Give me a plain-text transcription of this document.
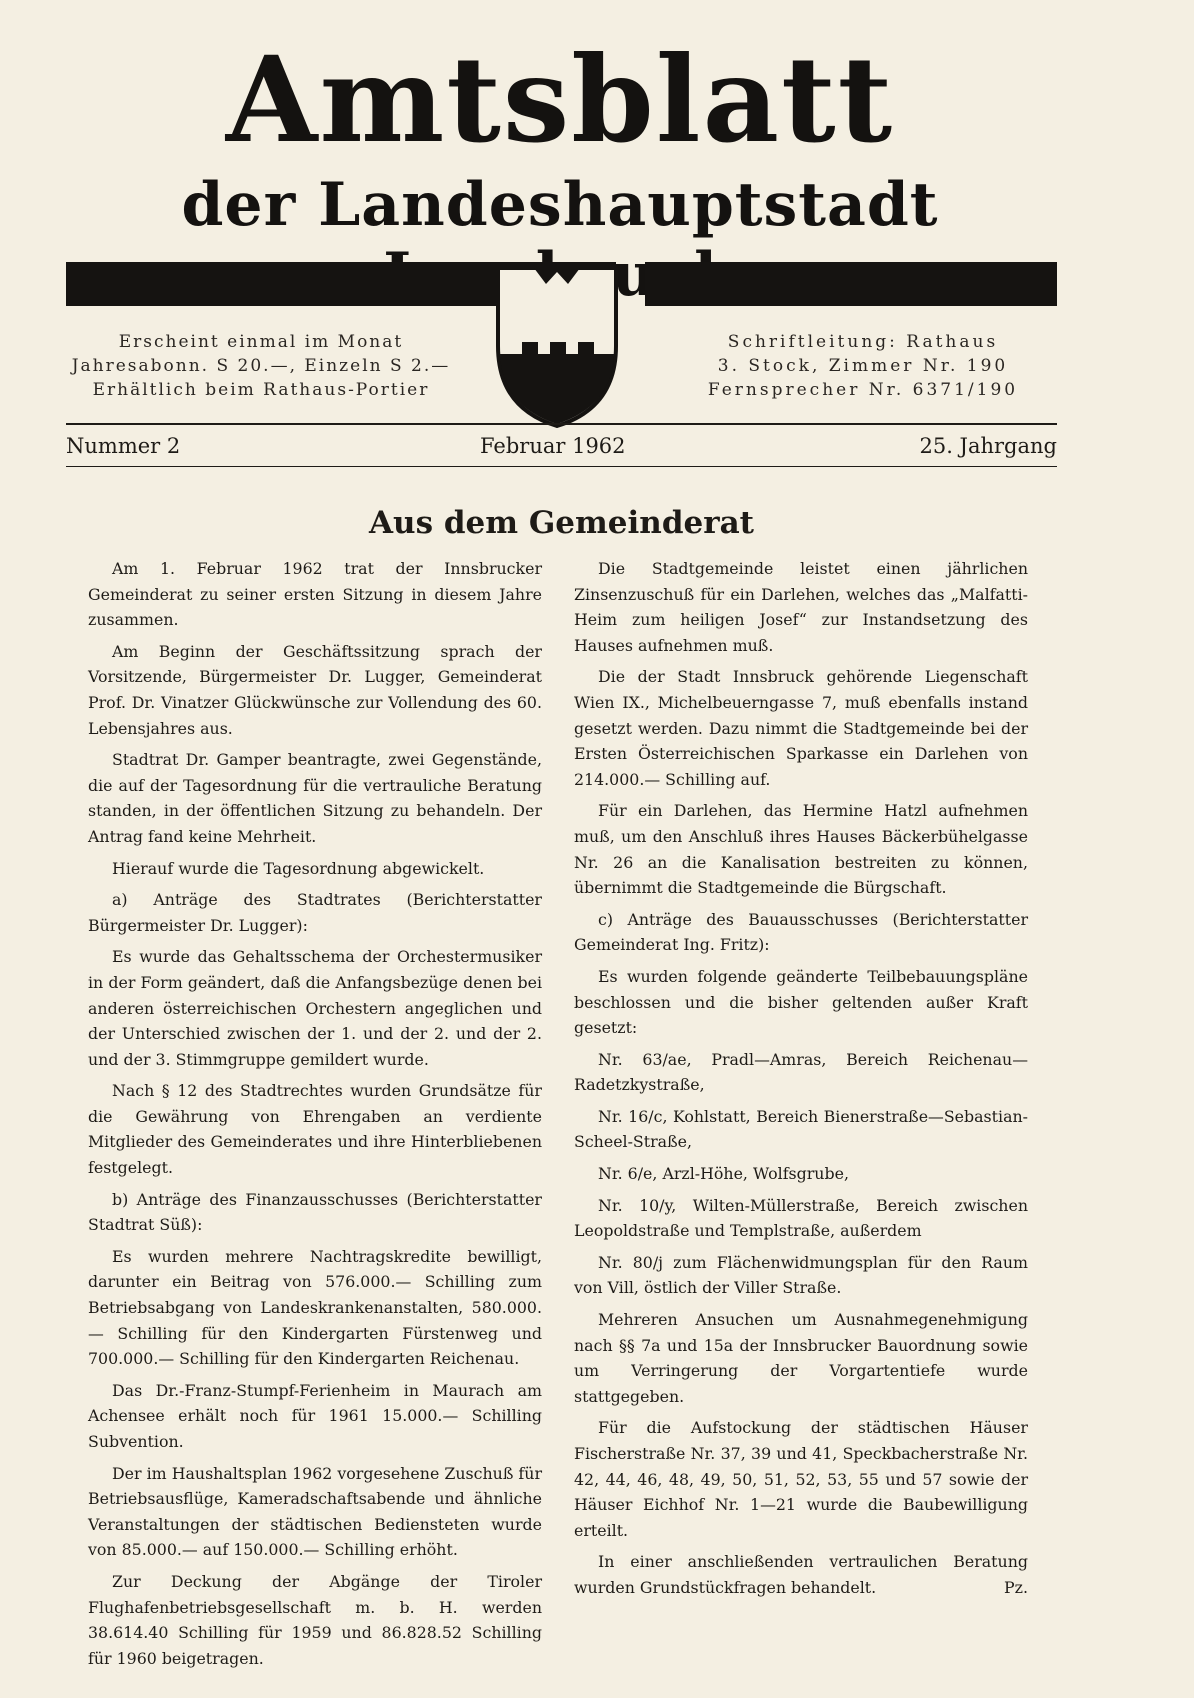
Amtsblatt
der Landeshauptstadt
Erscheint einmal im Monat
Jahresabonn. S 20.—, Einzeln S 2.—
Erhältlich beim Rathaus-Portier
Schriftleitung: Rathaus
3. Stock, Zimmer Nr. 190
Fernsprecher Nr. 6371/190
Nummer 2	Februar 1962	25. Jahrgang
Aus dem Gemeinderat

Am 1. Februar 1962 trat der Innsbrucker Gemeinderat zu seiner ersten Sitzung in diesem Jahre zusammen.

Am Beginn der Geschäftssitzung sprach der Vorsitzende, Bürgermeister Dr. Lugger, Gemeinderat Prof. Dr. Vinatzer Glückwünsche zur Vollendung des 60. Lebensjahres aus.

Stadtrat Dr. Gamper beantragte, zwei Gegenstände, die auf der Tagesordnung für die vertrauliche Beratung standen, in der öffentlichen Sitzung zu behandeln. Der Antrag fand keine Mehrheit.

Hierauf wurde die Tagesordnung abgewickelt.

a) Anträge des Stadtrates (Berichterstatter Bürgermeister Dr. Lugger):

Es wurde das Gehaltsschema der Orchestermusiker in der Form geändert, daß die Anfangsbezüge denen bei anderen österreichischen Orchestern angeglichen und der Unterschied zwischen der 1. und der 2. und der 2. und der 3. Stimmgruppe gemildert wurde.

Nach § 12 des Stadtrechtes wurden Grundsätze für die Gewährung von Ehrengaben an verdiente Mitglieder des Gemeinderates und ihre Hinterbliebenen festgelegt.

b) Anträge des Finanzausschusses (Berichterstatter Stadtrat Süß):

Es wurden mehrere Nachtragskredite bewilligt, darunter ein Beitrag von 576.000.— Schilling zum Betriebsabgang von Landeskrankenanstalten, 580.000.— Schilling für den Kindergarten Fürstenweg und 700.000.— Schilling für den Kindergarten Reichenau.

Das Dr.-Franz-Stumpf-Ferienheim in Maurach am Achensee erhält noch für 1961 15.000.— Schilling Subvention.

Der im Haushaltsplan 1962 vorgesehene Zuschuß für Betriebsausflüge, Kameradschaftsabende und ähnliche Veranstaltungen der städtischen Bediensteten wurde von 85.000.— auf 150.000.— Schilling erhöht.

Zur Deckung der Abgänge der Tiroler Flughafenbetriebsgesellschaft m. b. H. werden 38.614.40 Schilling für 1959 und 86.828.52 Schilling für 1960 beigetragen.

Die Stadtgemeinde leistet einen jährlichen Zinsenzuschuß für ein Darlehen, welches das „Malfatti-Heim zum heiligen Josef“ zur Instandsetzung des Hauses aufnehmen muß.

Die der Stadt Innsbruck gehörende Liegenschaft Wien IX., Michelbeuerngasse 7, muß ebenfalls instand gesetzt werden. Dazu nimmt die Stadtgemeinde bei der Ersten Österreichischen Sparkasse ein Darlehen von 214.000.— Schilling auf.

Für ein Darlehen, das Hermine Hatzl aufnehmen muß, um den Anschluß ihres Hauses Bäckerbühelgasse Nr. 26 an die Kanalisation bestreiten zu können, übernimmt die Stadtgemeinde die Bürgschaft.

c) Anträge des Bauausschusses (Berichterstatter Gemeinderat Ing. Fritz):

Es wurden folgende geänderte Teilbebauungspläne beschlossen und die bisher geltenden außer Kraft gesetzt:

Nr. 63/ae, Pradl—Amras, Bereich Reichenau—Radetzkystraße,

Nr. 16/c, Kohlstatt, Bereich Bienerstraße—Sebastian-Scheel-Straße,

Nr. 6/e, Arzl-Höhe, Wolfsgrube,

Nr. 10/y, Wilten-Müllerstraße, Bereich zwischen Leopoldstraße und Templstraße, außerdem

Nr. 80/j zum Flächenwidmungsplan für den Raum von Vill, östlich der Viller Straße.

Mehreren Ansuchen um Ausnahmegenehmigung nach §§ 7a und 15a der Innsbrucker Bauordnung sowie um Verringerung der Vorgartentiefe wurde stattgegeben.

Für die Aufstockung der städtischen Häuser Fischerstraße Nr. 37, 39 und 41, Speckbacherstraße Nr. 42, 44, 46, 48, 49, 50, 51, 52, 53, 55 und 57 sowie der Häuser Eichhof Nr. 1—21 wurde die Baubewilligung erteilt.

In einer anschließenden vertraulichen Beratung wurden Grundstückfragen behandelt.	Pz.
